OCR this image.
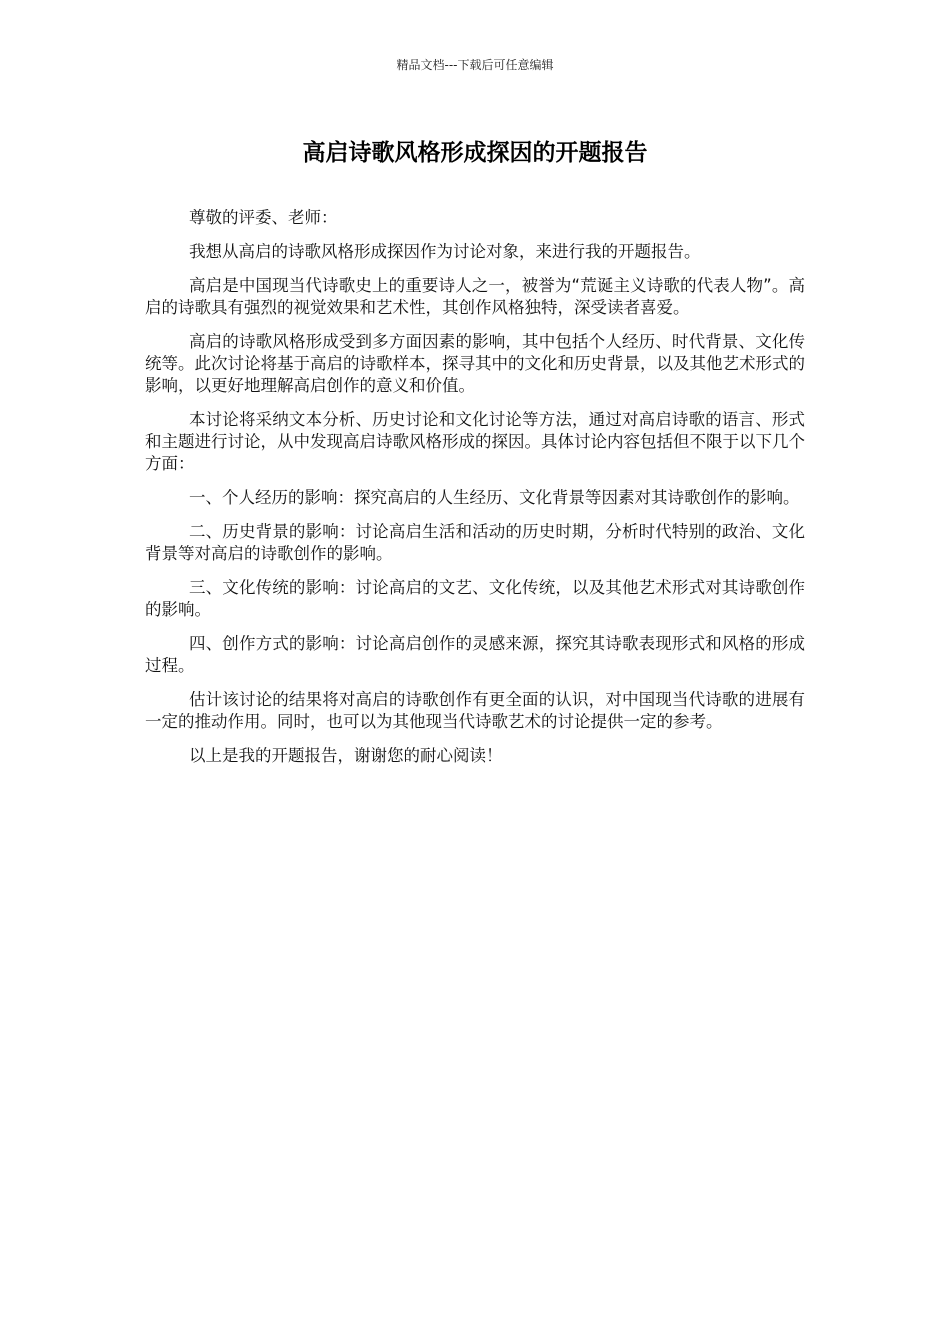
精品文档---下载后可任意编辑
高启诗歌风格形成探因的开题报告

尊敬的评委、老师：

我想从高启的诗歌风格形成探因作为讨论对象，来进行我的开题报告。

高启是中国现当代诗歌史上的重要诗人之一，被誉为“荒诞主义诗歌的代表人物”。高启的诗歌具有强烈的视觉效果和艺术性，其创作风格独特，深受读者喜爱。

高启的诗歌风格形成受到多方面因素的影响，其中包括个人经历、时代背景、文化传统等。此次讨论将基于高启的诗歌样本，探寻其中的文化和历史背景，以及其他艺术形式的影响，以更好地理解高启创作的意义和价值。

本讨论将采纳文本分析、历史讨论和文化讨论等方法，通过对高启诗歌的语言、形式和主题进行讨论，从中发现高启诗歌风格形成的探因。具体讨论内容包括但不限于以下几个方面：

一、个人经历的影响：探究高启的人生经历、文化背景等因素对其诗歌创作的影响。

二、历史背景的影响：讨论高启生活和活动的历史时期，分析时代特别的政治、文化背景等对高启的诗歌创作的影响。

三、文化传统的影响：讨论高启的文艺、文化传统，以及其他艺术形式对其诗歌创作的影响。

四、创作方式的影响：讨论高启创作的灵感来源，探究其诗歌表现形式和风格的形成过程。

估计该讨论的结果将对高启的诗歌创作有更全面的认识，对中国现当代诗歌的进展有一定的推动作用。同时，也可以为其他现当代诗歌艺术的讨论提供一定的参考。

以上是我的开题报告，谢谢您的耐心阅读！
